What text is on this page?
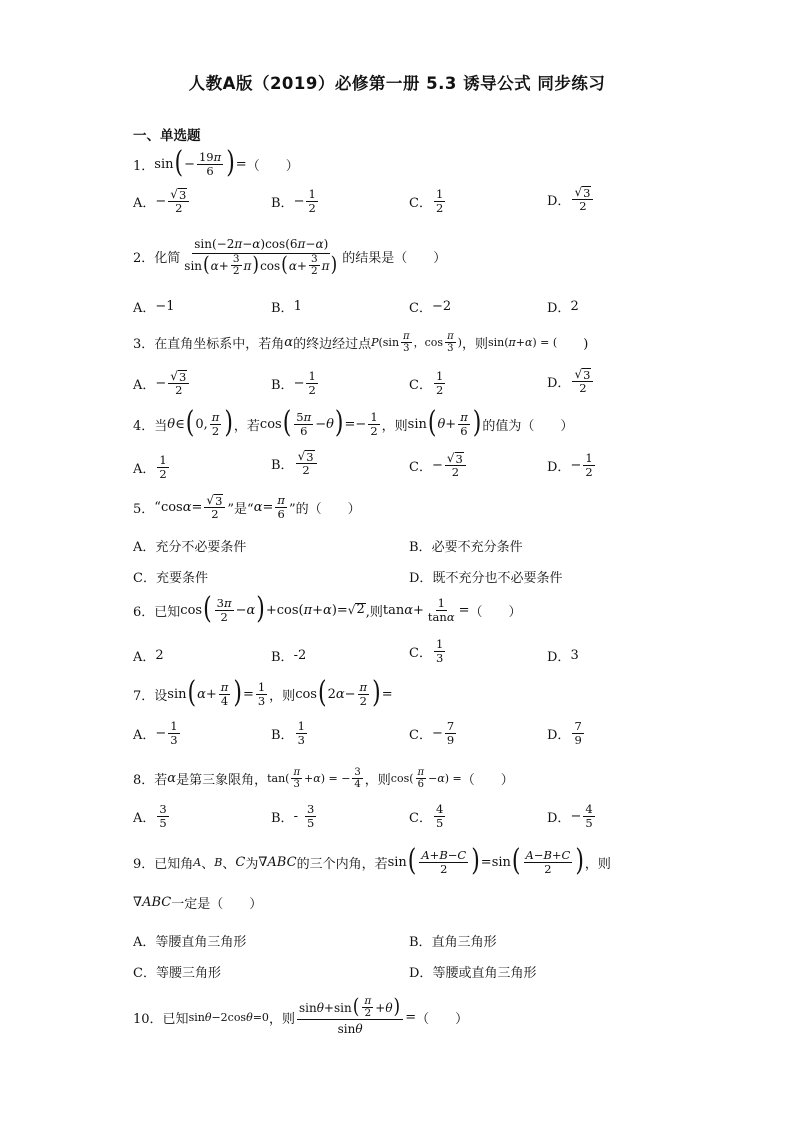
人教A版（2019）必修第一册 5.3 诱导公式 同步练习
一、单选题
1． sin ( − $\frac{19\pi}{6}$ ) = （　　）
A． − $\frac{√ 3}{2}$	B． − $\frac{1}{2}$	C． $\frac{1}{2}$	D． $\frac{√ 3}{2}$
2． 化简 $\frac{\sin(-2\pi-\alpha)\cos(6\pi-\alpha)}{\sin ( \alpha + \frac{3}{2} \pi ) \cos ( \alpha + \frac{3}{2} \pi )}$ 的结果是（　　）
A． −1	B． 1	C． −2	D． 2
3． 在直角坐标系中，若角 α 的终边经过点 P ($\sin \frac{\pi}{3}$ ，$\cos \frac{\pi}{3}$ ) ，则 sin(π+α) = ( 　　)
A． − $\frac{√ 3}{2}$	B． − $\frac{1}{2}$	C． $\frac{1}{2}$	D． $\frac{√ 3}{2}$
4． 当 θ ∈ ( 0, $\frac{\pi}{2}$ ) ，若 cos ( $\frac{5\pi}{6} - \theta$ ) =− $\frac{1}{2}$ ，则 sin ( $\theta + \frac{\pi}{6}$ ) 的值为（　　）
A． $\frac{1}{2}$	B． $\frac{√ 3}{2}$	C． − $\frac{√ 3}{2}$	D． − $\frac{1}{2}$
5． “ $\cos\alpha= \frac{√ 3}{2}$ ”是“ $\alpha = \frac{\pi}{6}$ ”的（　　）
A． 充分不必要条件	B． 必要不充分条件
C． 充要条件	D． 既不充分也不必要条件
6． 已知 cos ( $\frac{3\pi}{2} - \alpha$ ) +cos( π + α )= √ 2 ,则 $\tan\alpha+ \frac{1}{\tan\alpha}$ = （　　）
A． 2	B． -2	C． $\frac{1}{3}$	D． 3
7． 设 sin ( $\alpha + \frac{\pi}{4}$ ) = $\frac{1}{3}$ ，则 cos ( 2 $\alpha - \frac{\pi}{2}$ ) =
A． − $\frac{1}{3}$	B． $\frac{1}{3}$	C． − $\frac{7}{9}$	D． $\frac{7}{9}$
8． 若 α 是第三象限角， $\tan( \frac{\pi}{3} +\alpha)$ = − $\frac{3}{4}$ ，则 $\cos( \frac{\pi}{6} -\alpha)$ = （　　）
A． $\frac{3}{5}$	B． - $\frac{3}{5}$	C． $\frac{4}{5}$	D． − $\frac{4}{5}$
9． 已知角 A 、 B 、 C 为 ∇ABC 的三个内角，若 sin ( $\frac{A+B-C}{2}$ ) =sin ( $\frac{A-B+C}{2}$ ) ，则
∇ABC 一定是（　　）
A． 等腰直角三角形	B． 直角三角形
C． 等腰三角形	D． 等腰或直角三角形
10． 已知 sinθ−2cosθ=0 ，则 $\frac{\sin \theta +\sin ( \frac{\pi}{2} + \theta )}{\sin\theta}$ = （　　）
